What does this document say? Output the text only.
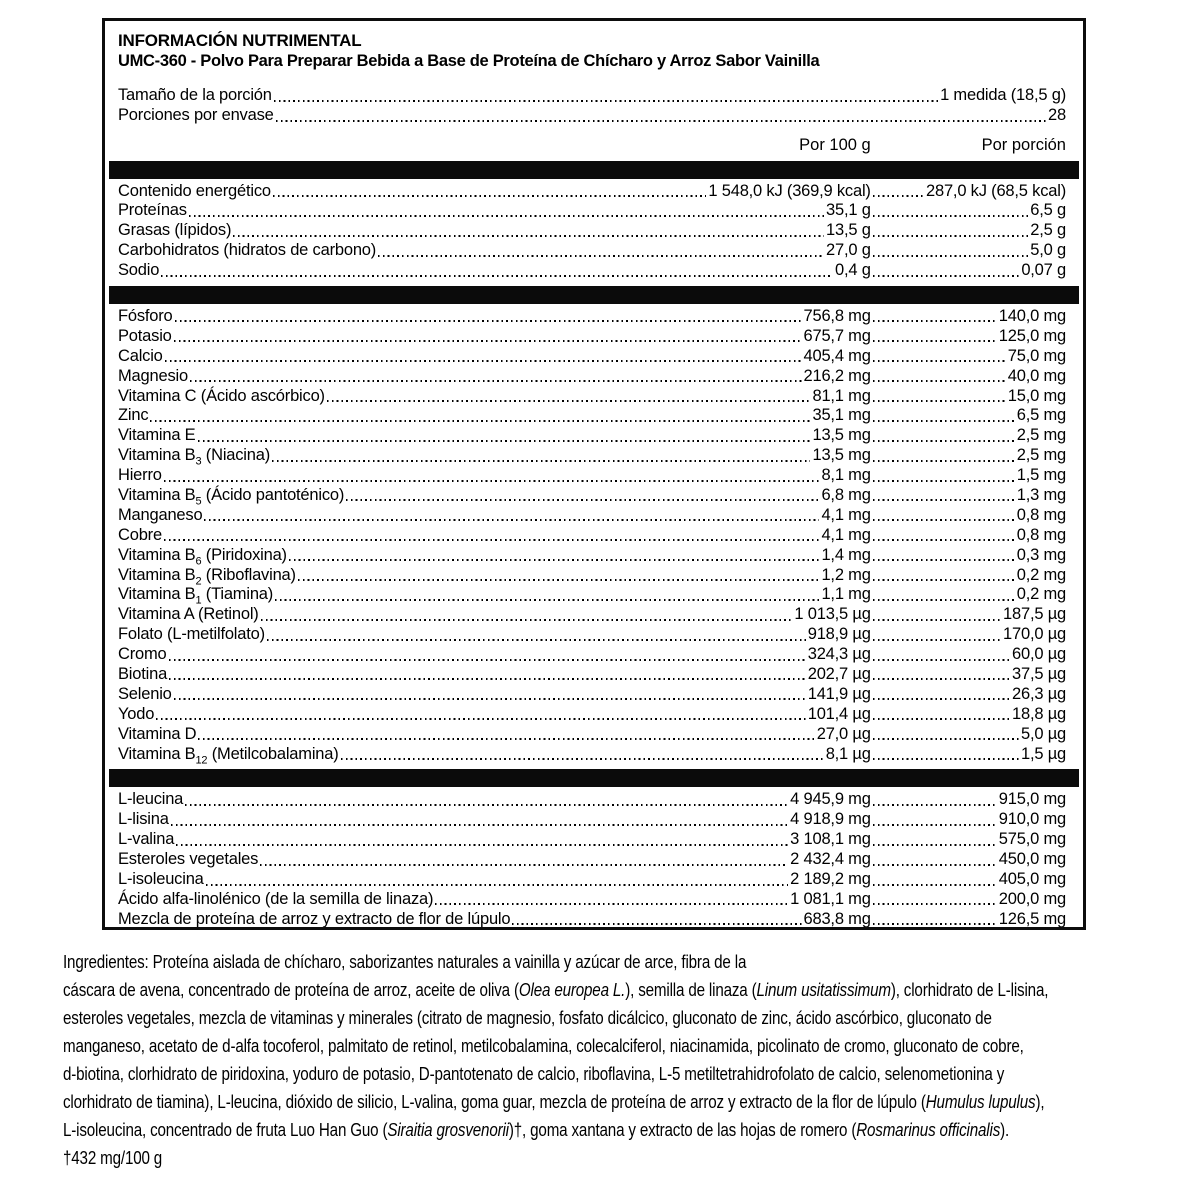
INFORMACIÓN NUTRIMENTAL
UMC-360 - Polvo Para Preparar Bebida a Base de Proteína de Chícharo y Arroz Sabor Vainilla
Tamaño de la porción	1 medida (18,5 g)
Porciones por envase	28
Por 100 g	Por porción
Contenido energético	1 548,0 kJ (369,9 kcal)	287,0 kJ (68,5 kcal)
Proteínas	35,1 g	6,5 g
Grasas (lípidos)	13,5 g	2,5 g
Carbohidratos (hidratos de carbono)	27,0 g	5,0 g
Sodio	0,4 g	0,07 g
Fósforo	756,8 mg	140,0 mg
Potasio	675,7 mg	125,0 mg
Calcio	405,4 mg	75,0 mg
Magnesio	216,2 mg	40,0 mg
Vitamina C (Ácido ascórbico)	81,1 mg	15,0 mg
Zinc	35,1 mg	6,5 mg
Vitamina E	13,5 mg	2,5 mg
Vitamina $B_3$ (Niacina)	13,5 mg	2,5 mg
Hierro	8,1 mg	1,5 mg
Vitamina $B_5$ (Ácido pantoténico)	6,8 mg	1,3 mg
Manganeso	4,1 mg	0,8 mg
Cobre	4,1 mg	0,8 mg
Vitamina $B_6$ (Piridoxina)	1,4 mg	0,3 mg
Vitamina $B_2$ (Riboflavina)	1,2 mg	0,2 mg
Vitamina $B_1$ (Tiamina)	1,1 mg	0,2 mg
Vitamina A (Retinol)	1 013,5 µg	187,5 µg
Folato (L-metilfolato)	918,9 µg	170,0 µg
Cromo	324,3 µg	60,0 µg
Biotina	202,7 µg	37,5 µg
Selenio	141,9 µg	26,3 µg
Yodo	101,4 µg	18,8 µg
Vitamina D	27,0 µg	5,0 µg
Vitamina $B_{12}$ (Metilcobalamina)	8,1 µg	1,5 µg
L-leucina	4 945,9 mg	915,0 mg
L-lisina	4 918,9 mg	910,0 mg
L-valina	3 108,1 mg	575,0 mg
Esteroles vegetales	2 432,4 mg	450,0 mg
L-isoleucina	2 189,2 mg	405,0 mg
Ácido alfa-linolénico (de la semilla de linaza)	1 081,1 mg	200,0 mg
Mezcla de proteína de arroz y extracto de flor de lúpulo	683,8 mg	126,5 mg
Ingredientes: Proteína aislada de chícharo, saborizantes naturales a vainilla y azúcar de arce, fibra de la
cáscara de avena, concentrado de proteína de arroz, aceite de oliva (Olea europea L.), semilla de linaza (Linum usitatissimum), clorhidrato de L-lisina,
esteroles vegetales, mezcla de vitaminas y minerales (citrato de magnesio, fosfato dicálcico, gluconato de zinc, ácido ascórbico, gluconato de
manganeso, acetato de d-alfa tocoferol, palmitato de retinol, metilcobalamina, colecalciferol, niacinamida, picolinato de cromo, gluconato de cobre,
d-biotina, clorhidrato de piridoxina, yoduro de potasio, D-pantotenato de calcio, riboflavina, L-5 metiltetrahidrofolato de calcio, selenometionina y
clorhidrato de tiamina), L-leucina, dióxido de silicio, L-valina, goma guar, mezcla de proteína de arroz y extracto de la flor de lúpulo (Humulus lupulus),
L-isoleucina, concentrado de fruta Luo Han Guo (Siraitia grosvenorii)†, goma xantana y extracto de las hojas de romero (Rosmarinus officinalis).
†432 mg/100 g
